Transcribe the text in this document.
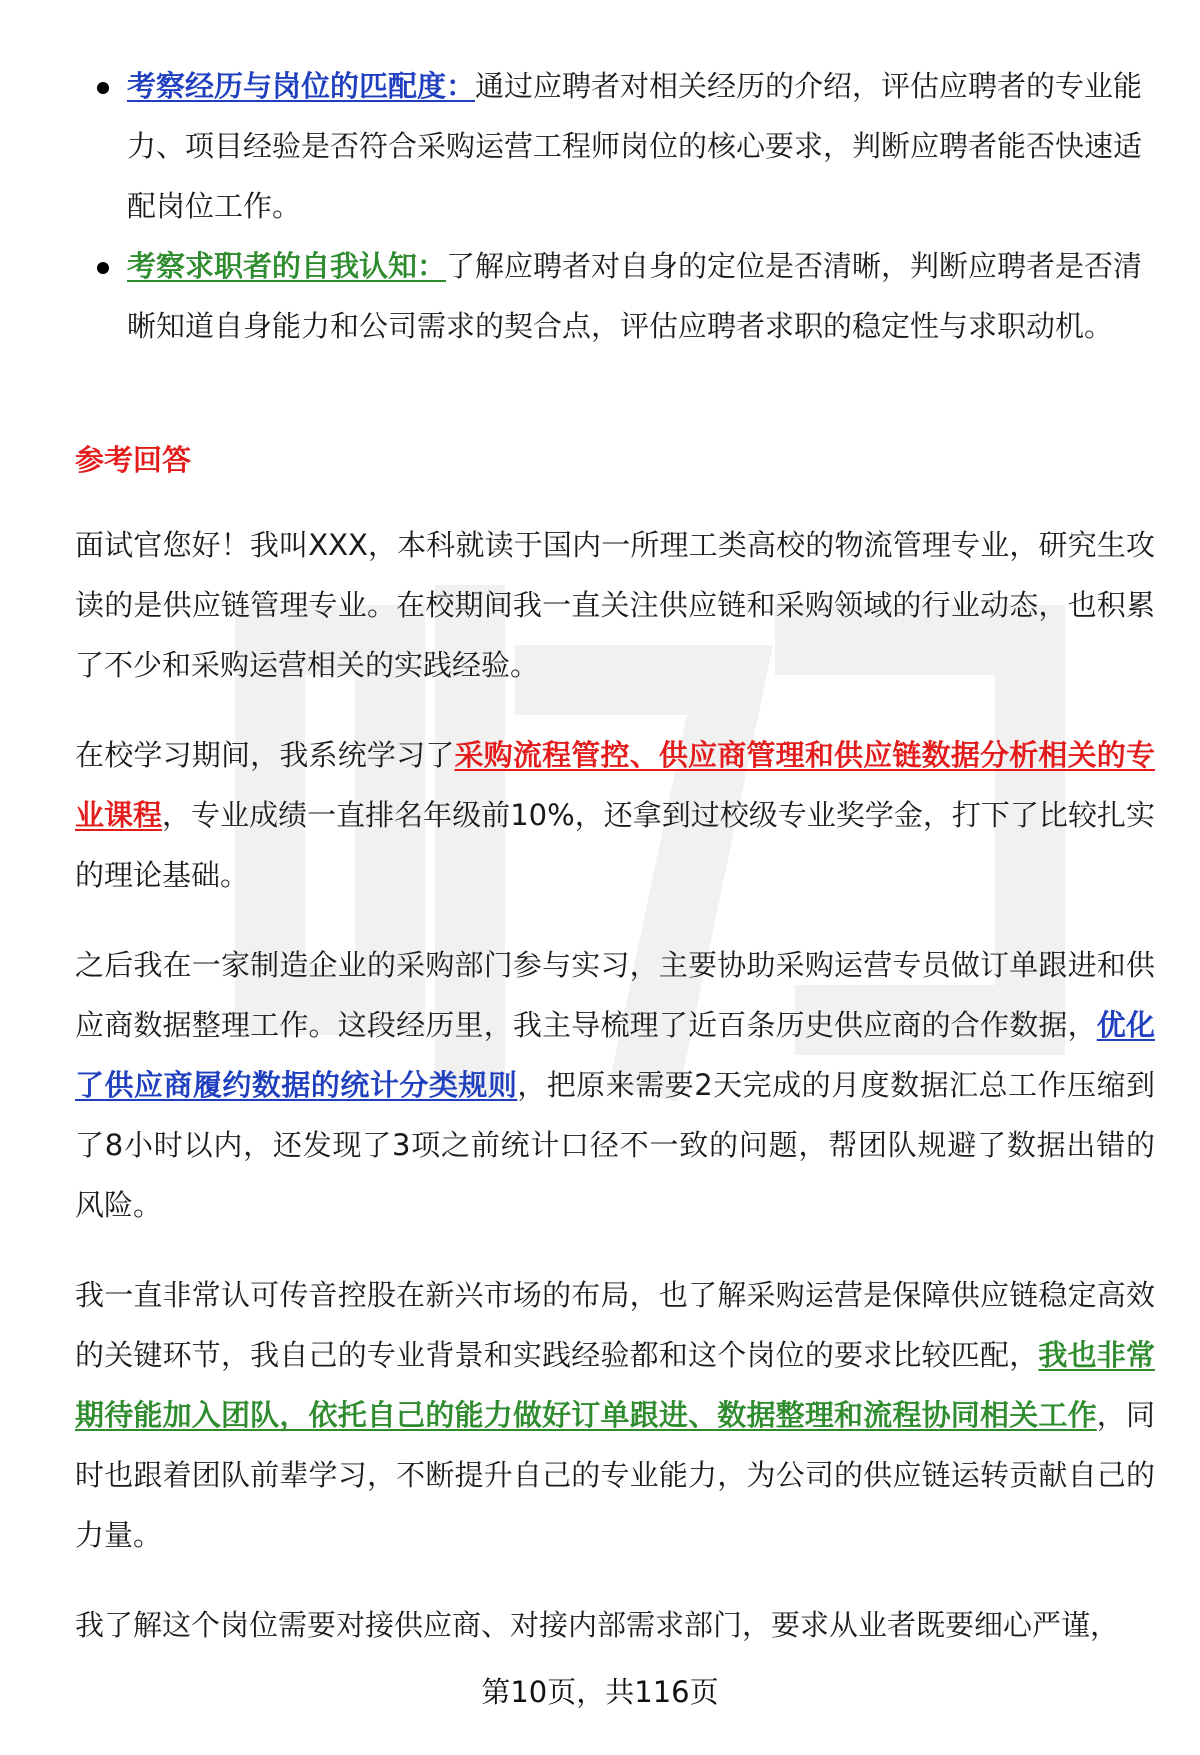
考察经历与岗位的匹配度：通过应聘者对相关经历的介绍，评估应聘者的专业能力、项目经验是否符合采购运营工程师岗位的核心要求，判断应聘者能否快速适配岗位工作。
考察求职者的自我认知：了解应聘者对自身的定位是否清晰，判断应聘者是否清晰知道自身能力和公司需求的契合点，评估应聘者求职的稳定性与求职动机。
参考回答

面试官您好！我叫XXX，本科就读于国内一所理工类高校的物流管理专业，研究生攻读的是供应链管理专业。在校期间我一直关注供应链和采购领域的行业动态，也积累了不少和采购运营相关的实践经验。

在校学习期间，我系统学习了采购流程管控、供应商管理和供应链数据分析相关的专业课程，专业成绩一直排名年级前10%，还拿到过校级专业奖学金，打下了比较扎实的理论基础。

之后我在一家制造企业的采购部门参与实习，主要协助采购运营专员做订单跟进和供应商数据整理工作。这段经历里，我主导梳理了近百条历史供应商的合作数据，优化了供应商履约数据的统计分类规则，把原来需要2天完成的月度数据汇总工作压缩到了8小时以内，还发现了3项之前统计口径不一致的问题，帮团队规避了数据出错的风险。

我一直非常认可传音控股在新兴市场的布局，也了解采购运营是保障供应链稳定高效的关键环节，我自己的专业背景和实践经验都和这个岗位的要求比较匹配，我也非常期待能加入团队，依托自己的能力做好订单跟进、数据整理和流程协同相关工作，同时也跟着团队前辈学习，不断提升自己的专业能力，为公司的供应链运转贡献自己的力量。

我了解这个岗位需要对接供应商、对接内部需求部门，要求从业者既要细心严谨，

第10页，共116页
